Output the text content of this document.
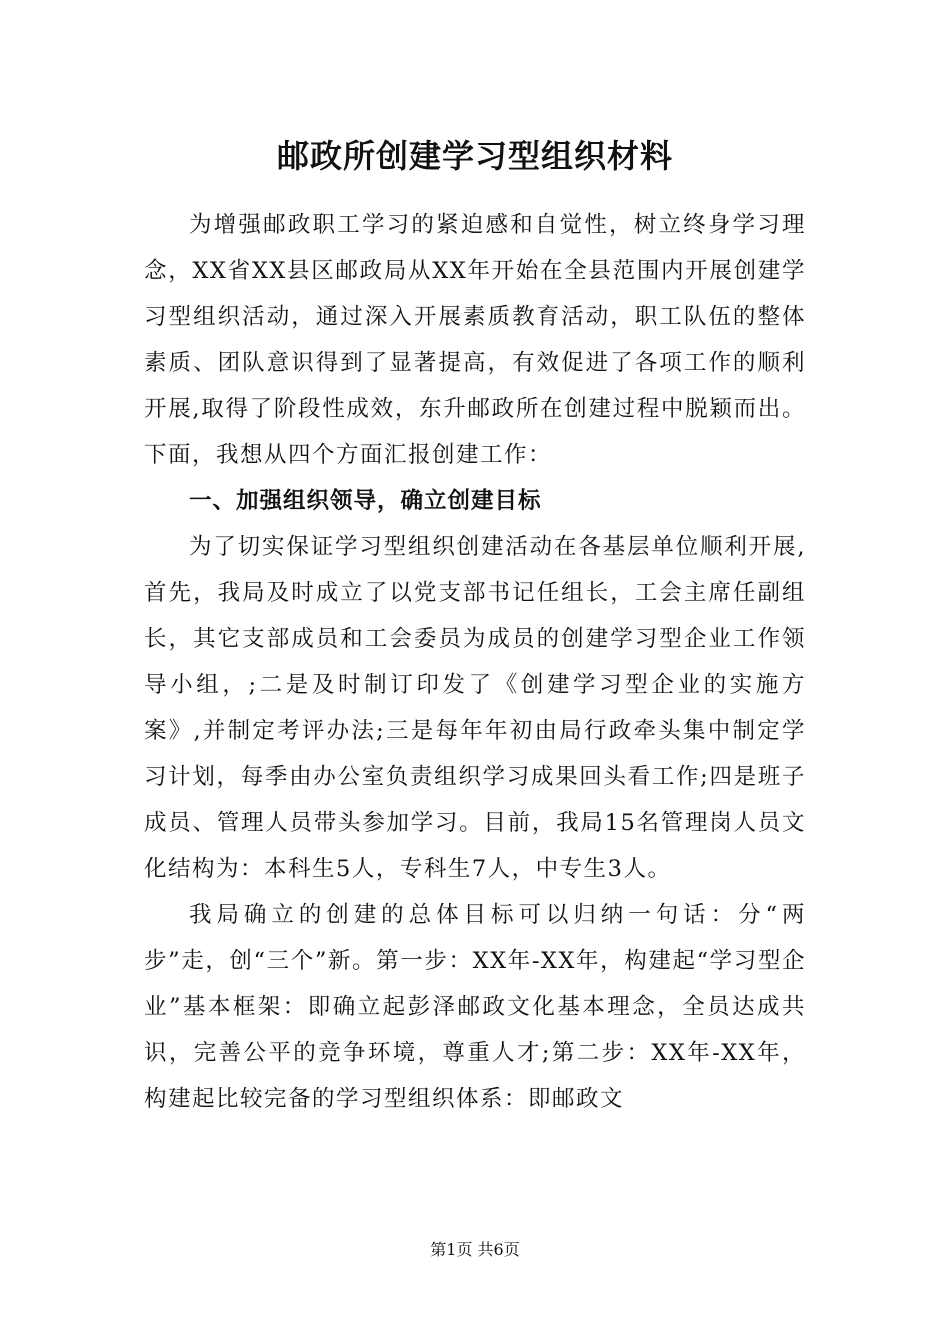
邮政所创建学习型组织材料

为增强邮政职工学习的紧迫感和自觉性，树立终身学习理念，XX省XX县区邮政局从XX年开始在全县范围内开展创建学习型组织活动，通过深入开展素质教育活动，职工队伍的整体素质、团队意识得到了显著提高，有效促进了各项工作的顺利开展,取得了阶段性成效，东升邮政所在创建过程中脱颖而出。下面，我想从四个方面汇报创建工作：

一、加强组织领导，确立创建目标

为了切实保证学习型组织创建活动在各基层单位顺利开展,首先，我局及时成立了以党支部书记任组长，工会主席任副组长，其它支部成员和工会委员为成员的创建学习型企业工作领导小组，;二是及时制订印发了《创建学习型企业的实施方案》,并制定考评办法;三是每年年初由局行政牵头集中制定学习计划，每季由办公室负责组织学习成果回头看工作;四是班子成员、管理人员带头参加学习。目前，我局15名管理岗人员文化结构为：本科生5人，专科生7人，中专生3人。

我局确立的创建的总体目标可以归纳一句话：分“两步”走，创“三个”新。第一步：XX年-XX年，构建起“学习型企业”基本框架：即确立起彭泽邮政文化基本理念，全员达成共识，完善公平的竞争环境，尊重人才;第二步：XX年-XX年，构建起比较完备的学习型组织体系：即邮政文

第1页 共6页
